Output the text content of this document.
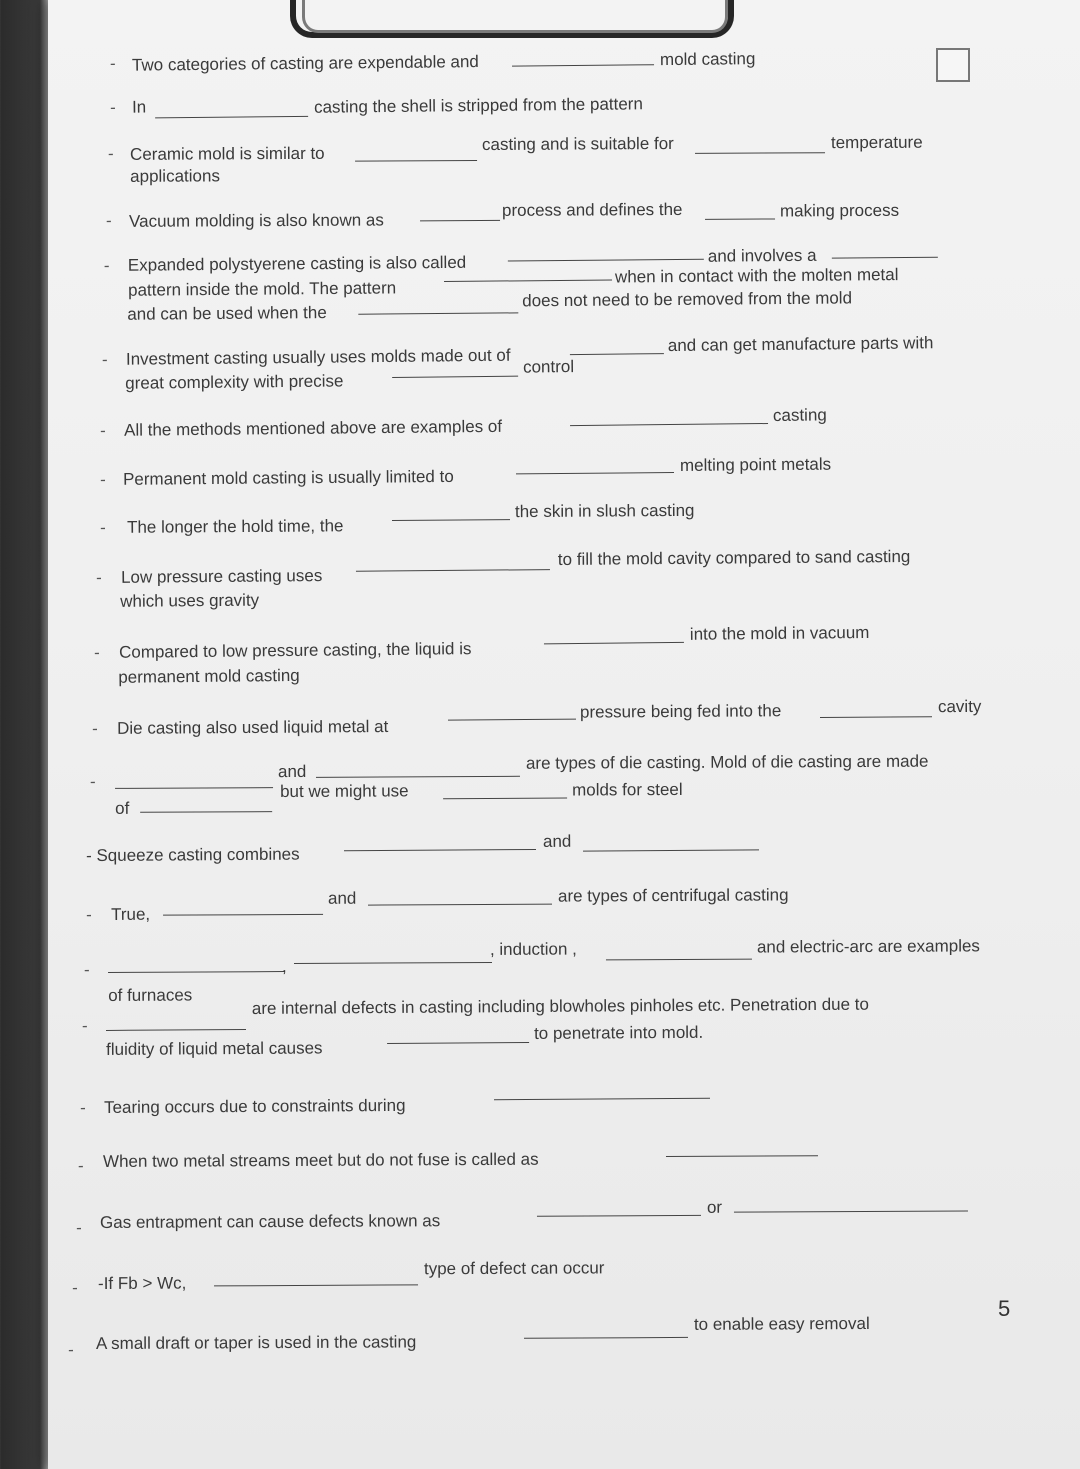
5
- Two categories of casting are expendable and	mold casting
- In	casting the shell is stripped from the pattern
- Ceramic mold is similar to	casting and is suitable for	temperature
applications
- Vacuum molding is also known as
process and defines the	making process
- Expanded polystyerene casting is also called	and involves a
pattern inside the mold. The pattern
when in contact with the molten metal
and can be used when the
does not need to be removed from the mold
- Investment casting usually uses molds made out of
and can get manufacture parts with
great complexity with precise
control
- All the methods mentioned above are examples of
casting
- Permanent mold casting is usually limited to
melting point metals
- The longer the hold time, the
the skin in slush casting
- Low pressure casting uses
to fill the mold cavity compared to sand casting
which uses gravity
- Compared to low pressure casting, the liquid is
into the mold in vacuum
permanent mold casting
- Die casting also used liquid metal at
pressure being fed into the	cavity
-
and	are types of die casting. Mold of die casting are made
of
but we might use	molds for steel
- Squeeze casting combines
and
- True,
and	are types of centrifugal casting
-	,
, induction ,	and electric-arc are examples
of furnaces
-
are internal defects in casting including blowholes pinholes etc. Penetration due to
fluidity of liquid metal causes
to penetrate into mold.
- Tearing occurs due to constraints during
- When two metal streams meet but do not fuse is called as
- Gas entrapment can cause defects known as
or
- -If Fb > Wc,
type of defect can occur
- A small draft or taper is used in the casting
to enable easy removal
